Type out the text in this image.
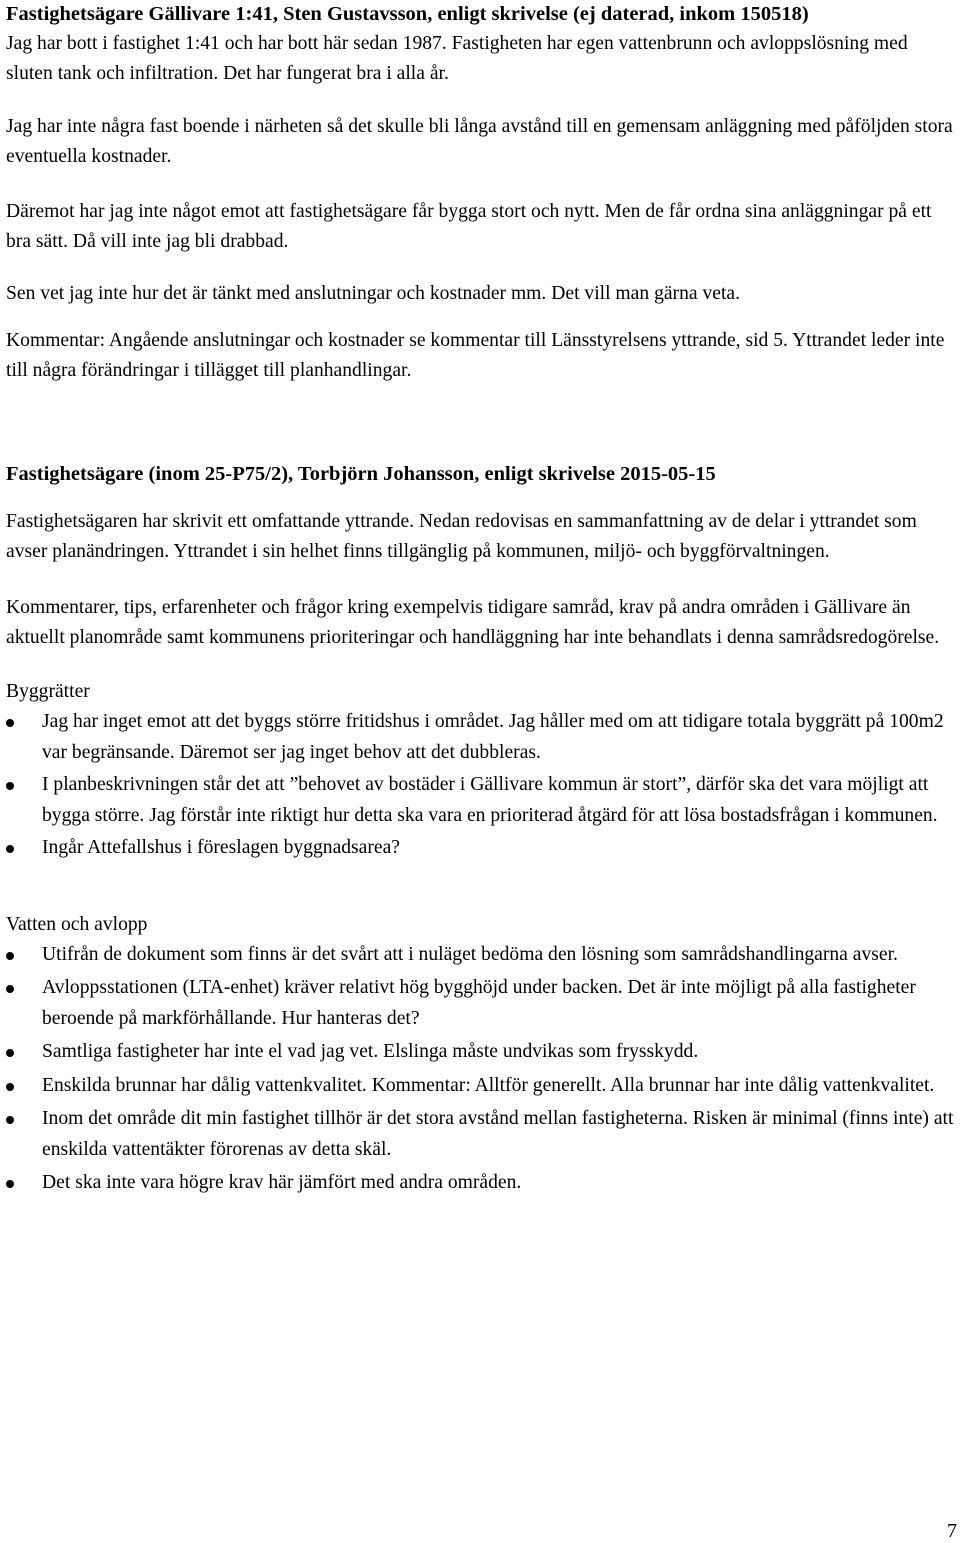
Fastighetsägare Gällivare 1:41, Sten Gustavsson, enligt skrivelse (ej daterad, inkom 150518)

Jag har bott i fastighet 1:41 och har bott här sedan 1987. Fastigheten har egen vattenbrunn och avloppslösning med sluten tank och infiltration. Det har fungerat bra i alla år.

Jag har inte några fast boende i närheten så det skulle bli långa avstånd till en gemensam anläggning med påföljden stora eventuella kostnader.

Däremot har jag inte något emot att fastighetsägare får bygga stort och nytt. Men de får ordna sina anläggningar på ett bra sätt. Då vill inte jag bli drabbad.

Sen vet jag inte hur det är tänkt med anslutningar och kostnader mm. Det vill man gärna veta.

Kommentar: Angående anslutningar och kostnader se kommentar till Länsstyrelsens yttrande, sid 5. Yttrandet leder inte till några förändringar i tillägget till planhandlingar.

Fastighetsägare (inom 25-P75/2), Torbjörn Johansson, enligt skrivelse 2015-05-15

Fastighetsägaren har skrivit ett omfattande yttrande. Nedan redovisas en sammanfattning av de delar i yttrandet som avser planändringen. Yttrandet i sin helhet finns tillgänglig på kommunen, miljö- och byggförvaltningen.

Kommentarer, tips, erfarenheter och frågor kring exempelvis tidigare samråd, krav på andra områden i Gällivare än aktuellt planområde samt kommunens prioriteringar och handläggning har inte behandlats i denna samrådsredogörelse.

Byggrätter
Jag har inget emot att det byggs större fritidshus i området. Jag håller med om att tidigare totala byggrätt på 100m2 var begränsande. Däremot ser jag inget behov att det dubbleras.
I planbeskrivningen står det att ”behovet av bostäder i Gällivare kommun är stort”, därför ska det vara möjligt att bygga större. Jag förstår inte riktigt hur detta ska vara en prioriterad åtgärd för att lösa bostadsfrågan i kommunen.
Ingår Attefallshus i föreslagen byggnadsarea?
Vatten och avlopp
Utifrån de dokument som finns är det svårt att i nuläget bedöma den lösning som samrådshandlingarna avser.
Avloppsstationen (LTA-enhet) kräver relativt hög bygghöjd under backen. Det är inte möjligt på alla fastigheter beroende på markförhållande. Hur hanteras det?
Samtliga fastigheter har inte el vad jag vet. Elslinga måste undvikas som frysskydd.
Enskilda brunnar har dålig vattenkvalitet. Kommentar: Alltför generellt. Alla brunnar har inte dålig vattenkvalitet.
Inom det område dit min fastighet tillhör är det stora avstånd mellan fastigheterna. Risken är minimal (finns inte) att enskilda vattentäkter förorenas av detta skäl.
Det ska inte vara högre krav här jämfört med andra områden.
7
